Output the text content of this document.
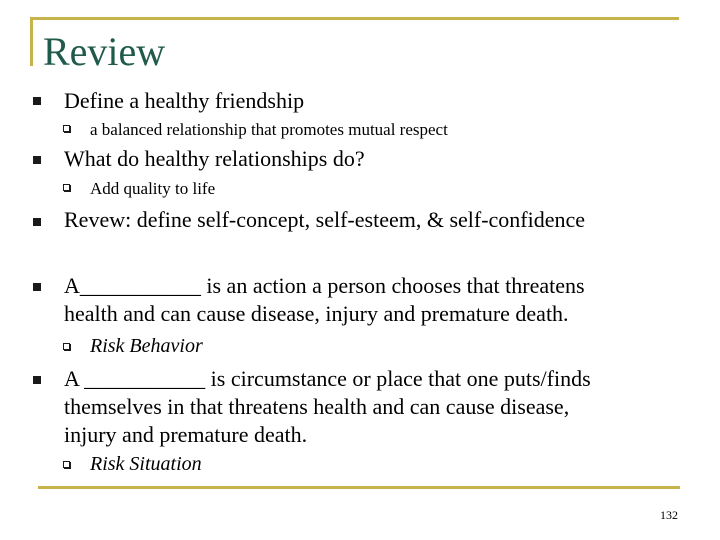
Review
Define a healthy friendship
a balanced relationship that promotes mutual respect
What do healthy relationships do?
Add quality to life
Revew: define self-concept, self-esteem, & self-confidence
A___________ is an action a person chooses that threatens
health and can cause disease, injury and premature death.
Risk Behavior
A ___________ is circumstance or place that one puts/finds
themselves in that threatens health and can cause disease,
injury and premature death.
Risk Situation
132
